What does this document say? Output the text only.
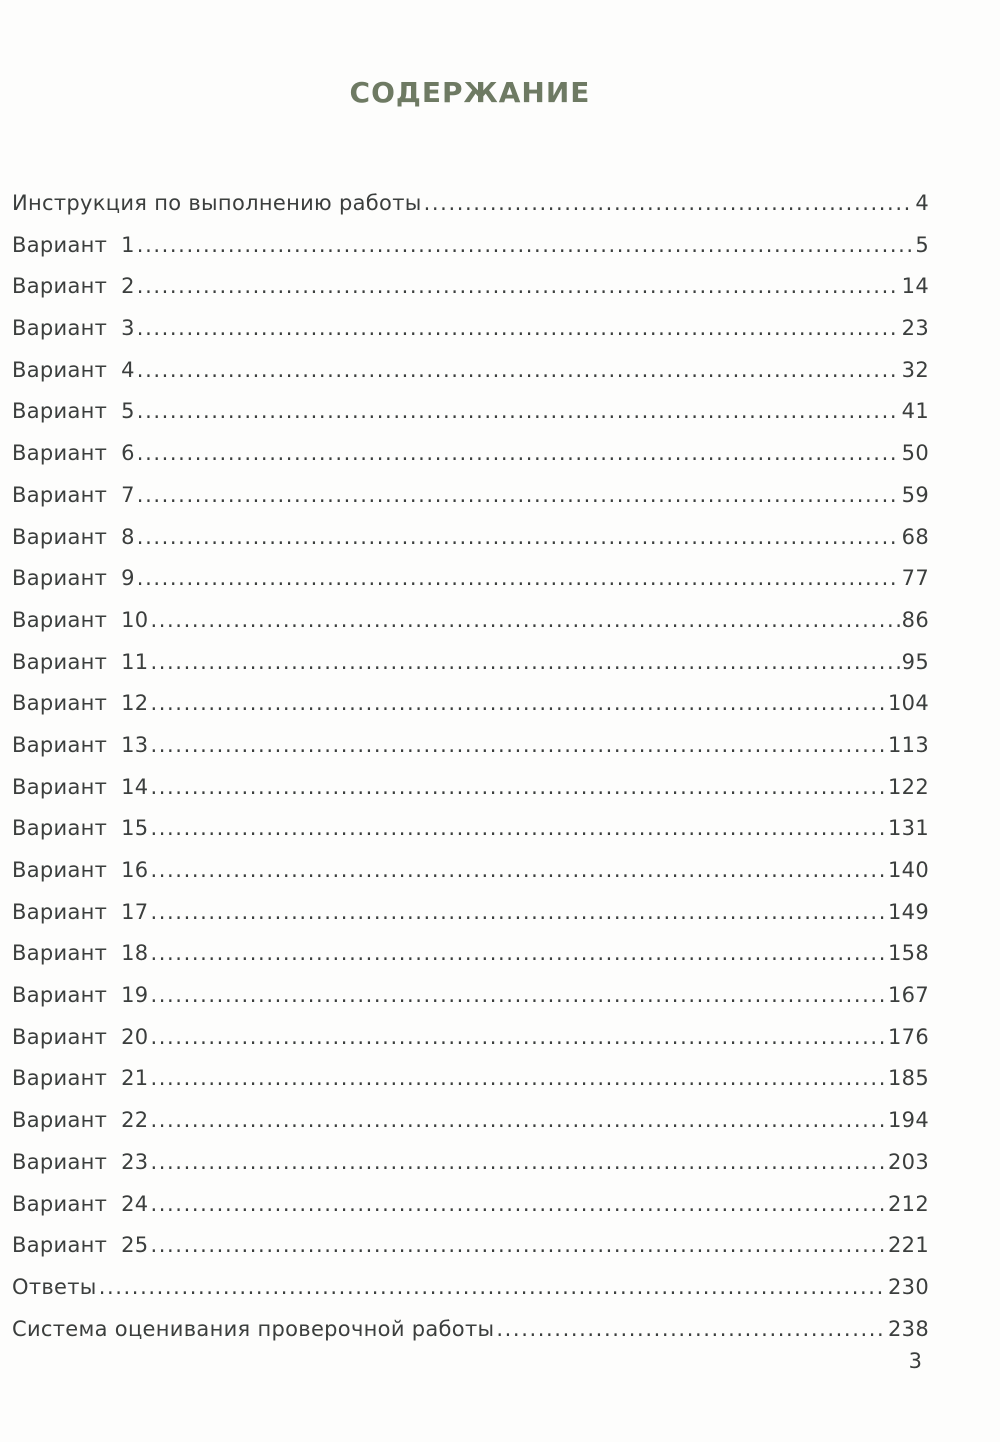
СОДЕРЖАНИЕ
Инструкция по выполнению работы .....	4
Вариант  1 .....	5
Вариант  2 .....	14
Вариант  3 .....	23
Вариант  4 .....	32
Вариант  5 .....	41
Вариант  6 .....	50
Вариант  7 .....	59
Вариант  8 .....	68
Вариант  9 .....	77
Вариант  10 .....	86
Вариант  11 .....	95
Вариант  12 .....	104
Вариант  13 .....	113
Вариант  14 .....	122
Вариант  15 .....	131
Вариант  16 .....	140
Вариант  17 .....	149
Вариант  18 .....	158
Вариант  19 .....	167
Вариант  20 .....	176
Вариант  21 .....	185
Вариант  22 .....	194
Вариант  23 .....	203
Вариант  24 .....	212
Вариант  25 .....	221
Ответы .....	230
Система оценивания проверочной работы .....	238
3
